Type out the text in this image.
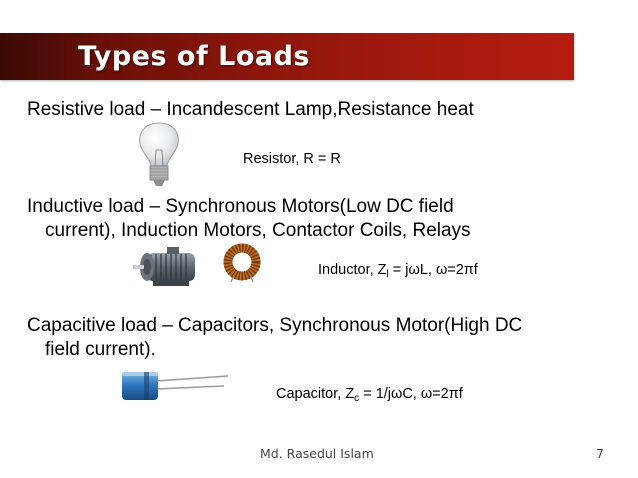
Types of Loads
Resistive load – Incandescent Lamp,Resistance heat
Resistor, R = R
Inductive load – Synchronous Motors(Low DC field
current), Induction Motors, Contactor Coils, Relays
Inductor, $Z_l = j\omega L$, ω=2πf
Capacitive load – Capacitors, Synchronous Motor(High DC
field current).
Capacitor, $Z_c = 1/j\omega C$, ω=2πf
Md. Rasedul Islam	7
